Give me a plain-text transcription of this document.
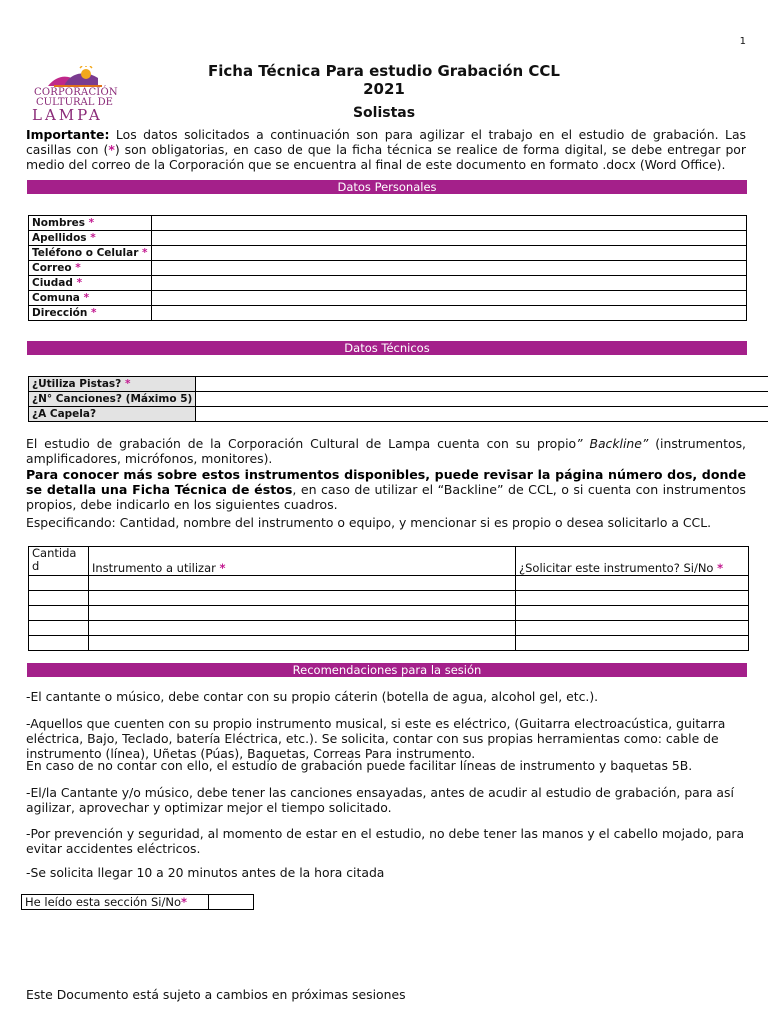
1
CORPORACIÓN
CULTURAL DE
LAMPA
Ficha Técnica Para estudio Grabación CCL
2021
Solistas
Importante: Los datos solicitados a continuación son para agilizar el trabajo en el estudio de grabación. Las casillas con (*) son obligatorias, en caso de que la ficha técnica se realice de forma digital, se debe entregar por medio del correo de la Corporación que se encuentra al final de este documento en formato .docx (Word Office).
Datos Personales
Nombres *	
Apellidos *	
Teléfono o Celular *	
Correo *	
Ciudad *	
Comuna *	
Dirección *	
Datos Técnicos
¿Utiliza Pistas? *	
¿N° Canciones? (Máximo 5)	
¿A Capela?	
El estudio de grabación de la Corporación Cultural de Lampa cuenta con su propio” Backline” (instrumentos, amplificadores, micrófonos, monitores).
Para conocer más sobre estos instrumentos disponibles, puede revisar la página número dos, donde se detalla una Ficha Técnica de éstos, en caso de utilizar el “Backline” de CCL, o si cuenta con instrumentos propios, debe indicarlo en los siguientes cuadros.
Especificando: Cantidad, nombre del instrumento o equipo, y mencionar si es propio o desea solicitarlo a CCL.
Cantida
d	Instrumento a utilizar *	¿Solicitar este instrumento? Si/No *

Recomendaciones para la sesión
-El cantante o músico, debe contar con su propio cáterin (botella de agua, alcohol gel, etc.).
-Aquellos que cuenten con su propio instrumento musical, si este es eléctrico, (Guitarra electroacústica, guitarra eléctrica, Bajo, Teclado, batería Eléctrica, etc.). Se solicita, contar con sus propias herramientas como: cable de instrumento (línea), Uñetas (Púas), Baquetas, Correas Para instrumento.
En caso de no contar con ello, el estudio de grabación puede facilitar líneas de instrumento y baquetas 5B.
-El/la Cantante y/o músico, debe tener las canciones ensayadas, antes de acudir al estudio de grabación, para así agilizar, aprovechar y optimizar mejor el tiempo solicitado.
-Por prevención y seguridad, al momento de estar en el estudio, no debe tener las manos y el cabello mojado, para evitar accidentes eléctricos.
-Se solicita llegar 10 a 20 minutos antes de la hora citada
He leído esta sección Si/No*	
Este Documento está sujeto a cambios en próximas sesiones
